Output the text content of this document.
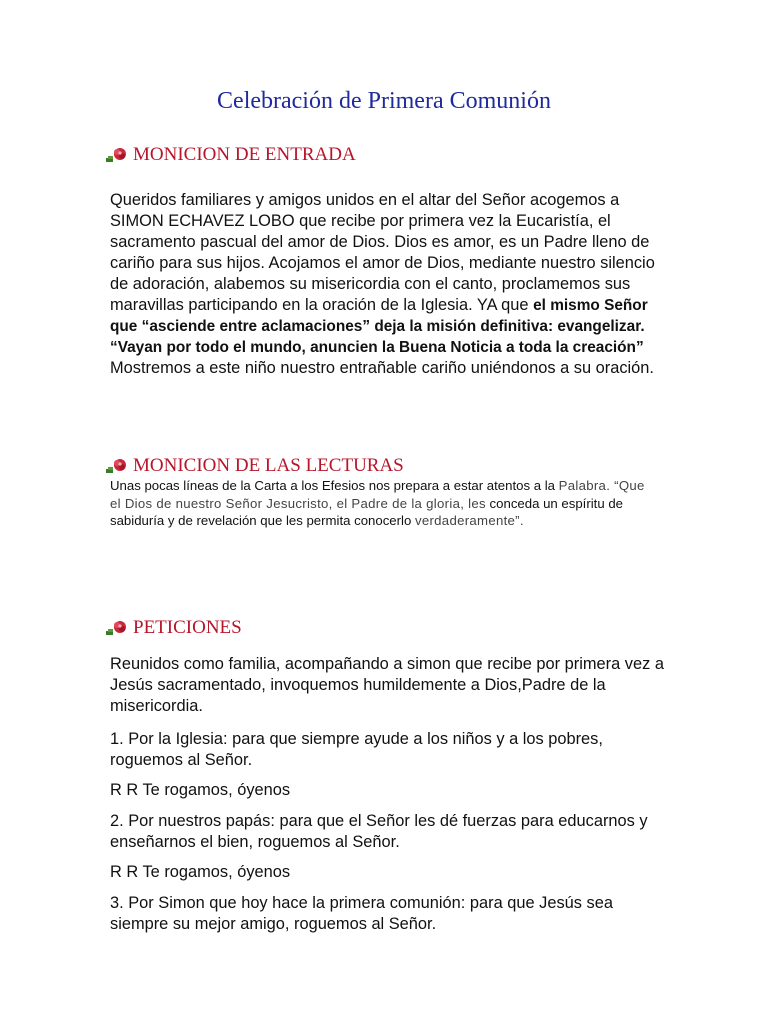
Celebración de Primera Comunión
MONICION DE ENTRADA

Queridos familiares y amigos unidos en el altar del Señor acogemos a SIMON ECHAVEZ LOBO que recibe por primera vez la Eucaristía, el sacramento pascual del amor de Dios. Dios es amor, es un Padre lleno de cariño para sus hijos. Acojamos el amor de Dios, mediante nuestro silencio de adoración, alabemos su misericordia con el canto, proclamemos sus maravillas participando en la oración de la Iglesia. YA que el mismo Señor que “asciende entre aclamaciones” deja la misión definitiva: evangelizar. “Vayan por todo el mundo, anuncien la Buena Noticia a toda la creación” Mostremos a este niño nuestro entrañable cariño uniéndonos a su oración.

MONICION DE LAS LECTURAS

Unas pocas líneas de la Carta a los Efesios nos prepara a estar atentos a la Palabra. “Que el Dios de nuestro Señor Jesucristo, el Padre de la gloria, les conceda un espíritu de sabiduría y de revelación que les permita conocerlo verdaderamente”.

PETICIONES

Reunidos como familia, acompañando a simon que recibe por primera vez a Jesús sacramentado, invoquemos humildemente a Dios,Padre de la misericordia.

1. Por la Iglesia: para que siempre ayude a los niños y a los pobres, roguemos al Señor.

R R Te rogamos, óyenos

2. Por nuestros papás: para que el Señor les dé fuerzas para educarnos y enseñarnos el bien, roguemos al Señor.

R R Te rogamos, óyenos

3. Por Simon que hoy hace la primera comunión: para que Jesús sea siempre su mejor amigo, roguemos al Señor.
